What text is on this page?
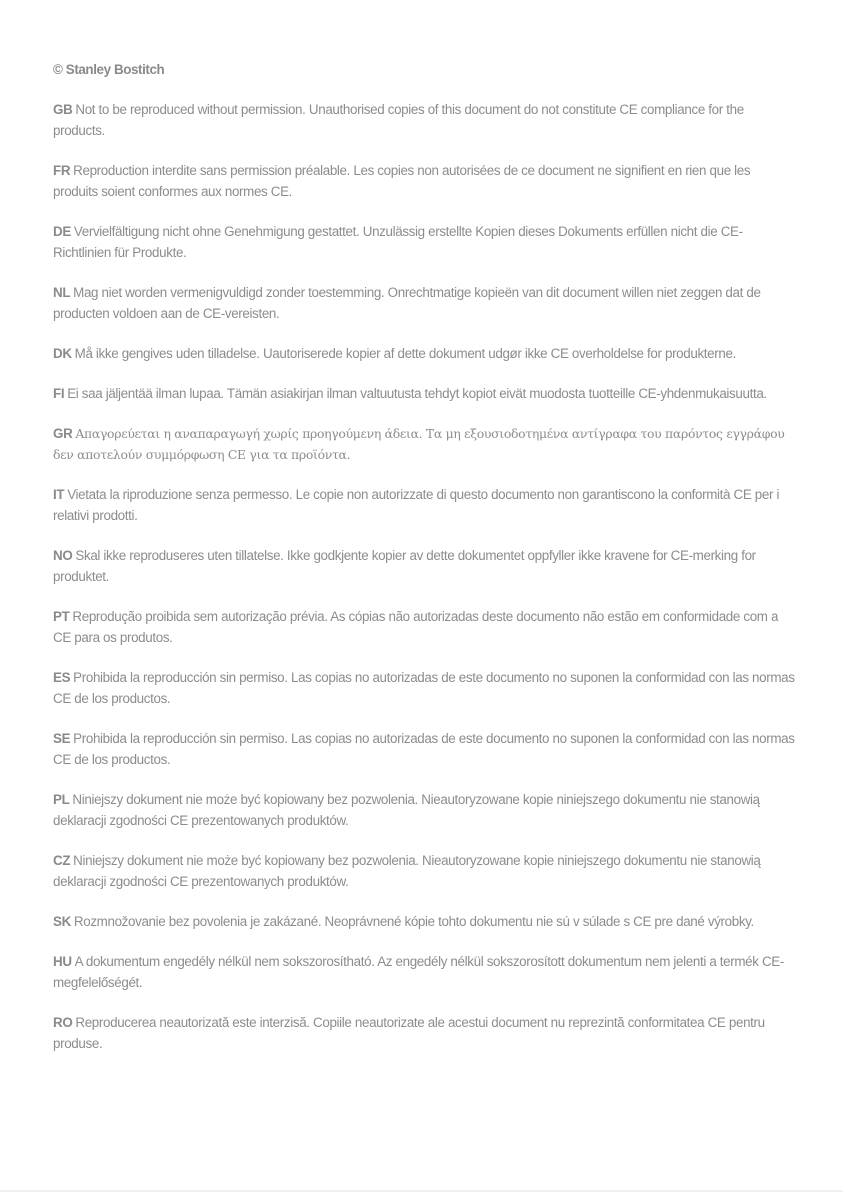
© Stanley Bostitch

GB Not to be reproduced without permission. Unauthorised copies of this document do not constitute CE compliance for the products.

FR Reproduction interdite sans permission préalable. Les copies non autorisées de ce document ne signifient en rien que les produits soient conformes aux normes CE.

DE Vervielfältigung nicht ohne Genehmigung gestattet. Unzulässig erstellte Kopien dieses Dokuments erfüllen nicht die CE-Richtlinien für Produkte.

NL Mag niet worden vermenigvuldigd zonder toestemming. Onrechtmatige kopieën van dit document willen niet zeggen dat de producten voldoen aan de CE-vereisten.

DK Må ikke gengives uden tilladelse. Uautoriserede kopier af dette dokument udgør ikke CE overholdelse for produkterne.

FI Ei saa jäljentää ilman lupaa. Tämän asiakirjan ilman valtuutusta tehdyt kopiot eivät muodosta tuotteille CE-yhdenmukaisuutta.

GR Απαγορεύεται η αναπαραγωγή χωρίς προηγούμενη άδεια. Τα μη εξουσιοδοτημένα αντίγραφα του παρόντος εγγράφου δεν αποτελούν συμμόρφωση CE για τα προϊόντα.

IT Vietata la riproduzione senza permesso. Le copie non autorizzate di questo documento non garantiscono la conformità CE per i relativi prodotti.

NO Skal ikke reproduseres uten tillatelse. Ikke godkjente kopier av dette dokumentet oppfyller ikke kravene for CE-merking for produktet.

PT Reprodução proibida sem autorização prévia. As cópias não autorizadas deste documento não estão em conformidade com a CE para os produtos.

ES Prohibida la reproducción sin permiso. Las copias no autorizadas de este documento no suponen la conformidad con las normas CE de los productos.

SE Prohibida la reproducción sin permiso. Las copias no autorizadas de este documento no suponen la conformidad con las normas CE de los productos.

PL Niniejszy dokument nie może być kopiowany bez pozwolenia. Nieautoryzowane kopie niniejszego dokumentu nie stanowią deklaracji zgodności CE prezentowanych produktów.

CZ Niniejszy dokument nie może być kopiowany bez pozwolenia. Nieautoryzowane kopie niniejszego dokumentu nie stanowią deklaracji zgodności CE prezentowanych produktów.

SK Rozmnožovanie bez povolenia je zakázané. Neoprávnené kópie tohto dokumentu nie sú v súlade s CE pre dané výrobky.

HU A dokumentum engedély nélkül nem sokszorosítható. Az engedély nélkül sokszorosított dokumentum nem jelenti a termék CE-megfelelőségét.

RO Reproducerea neautorizată este interzisă. Copiile neautorizate ale acestui document nu reprezintă conformitatea CE pentru produse.
